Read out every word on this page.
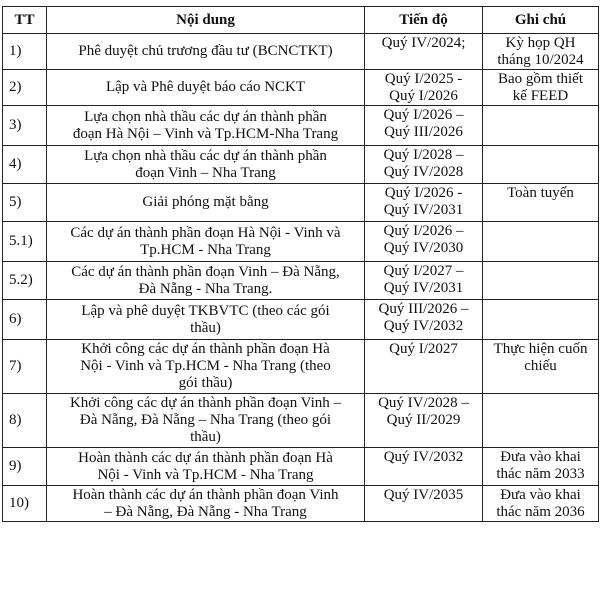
TT	Nội dung	Tiến độ	Ghi chú
1)	Phê duyệt chủ trương đầu tư (BCNCTKT)	Quý IV/2024;	Kỳ họp QH
tháng 10/2024

2)	Lập và Phê duyệt báo cáo NCKT	Quý I/2025 -
Quý I/2026	Bao gồm thiết
kế FEED

3)	Lựa chọn nhà thầu các dự án thành phần
đoạn Hà Nội – Vinh và Tp.HCM-Nha Trang	Quý I/2026 –
Quý III/2026	

4)	Lựa chọn nhà thầu các dự án thành phần
đoạn Vinh – Nha Trang	Quý I/2028 –
Quý IV/2028	

5)	Giải phóng mặt bằng	Quý I/2026 -
Quý IV/2031	Toàn tuyến

5.1)	Các dự án thành phần đoạn Hà Nội - Vinh và
Tp.HCM - Nha Trang	Quý I/2026 –
Quý IV/2030	

5.2)	Các dự án thành phần đoạn Vinh – Đà Nẵng,
Đà Nẵng - Nha Trang.	Quý I/2027 –
Quý IV/2031	

6)	Lập và phê duyệt TKBVTC (theo các gói
thầu)	Quý III/2026 –
Quý IV/2032	

7)	Khởi công các dự án thành phần đoạn Hà
Nội - Vinh và Tp.HCM - Nha Trang (theo
gói thầu)	Quý I/2027	Thực hiện cuốn
chiếu

8)	Khởi công các dự án thành phần đoạn Vinh –
Đà Nẵng, Đà Nẵng – Nha Trang (theo gói
thầu)	Quý IV/2028 –
Quý II/2029	

9)	Hoàn thành các dự án thành phần đoạn Hà
Nội - Vinh và Tp.HCM - Nha Trang	Quý IV/2032	Đưa vào khai
thác năm 2033

10)	Hoàn thành các dự án thành phần đoạn Vinh
– Đà Nẵng, Đà Nẵng - Nha Trang	Quý IV/2035	Đưa vào khai
thác năm 2036
